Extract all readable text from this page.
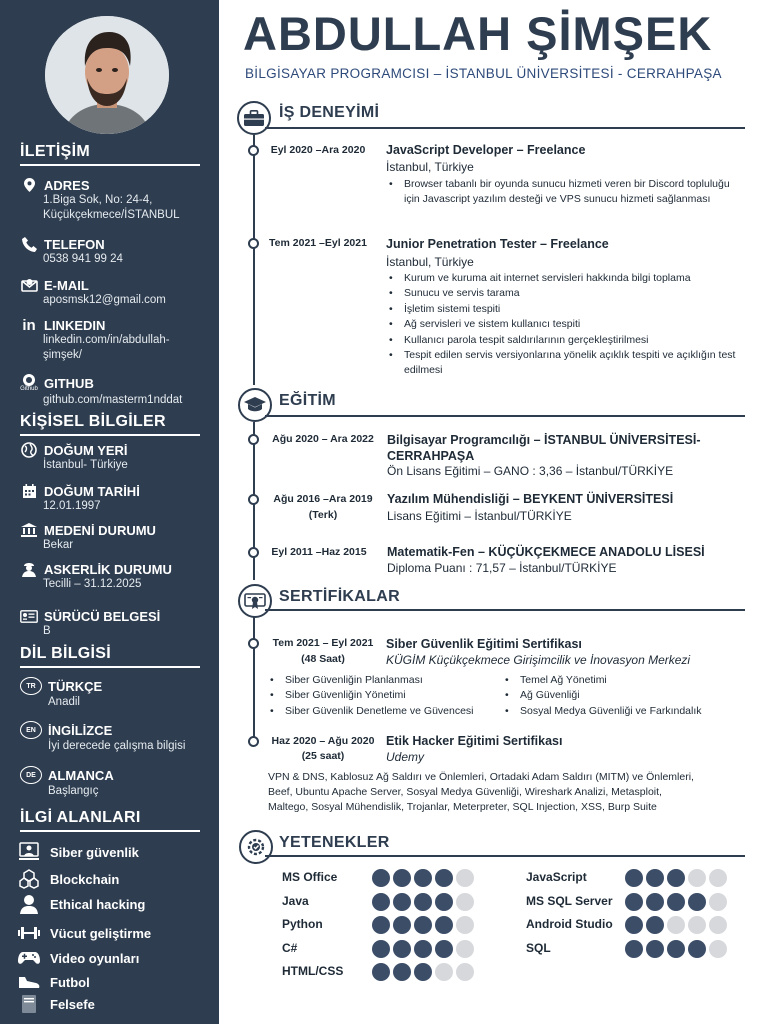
İLETİŞİM
ADRES
1.Biga Sok, No: 24-4,
Küçükçekmece/İSTANBUL
TELEFON
0538 941 99 24
E-MAIL
aposmsk12@gmail.com
in LINKEDIN
linkedin.com/in/abdullah-
şimşek/
Github GITHUB
github.com/masterm1nddat
KİŞİSEL BİLGİLER
DOĞUM YERİ
İstanbul- Türkiye
DOĞUM TARİHİ
12.01.1997
MEDENİ DURUMU
Bekar
ASKERLİK DURUMU
Tecilli – 31.12.2025
SÜRÜCÜ BELGESİ
B
DİL BİLGİSİ
TR TÜRKÇE
Anadil
EN İNGİLİZCE
İyi derecede çalışma bilgisi
DE ALMANCA
Başlangıç
İLGİ ALANLARI
Siber güvenlik
Blockchain
Ethical hacking
Vücut geliştirme
Video oyunları
Futbol
Felsefe
ABDULLAH ŞİMŞEK
BİLGİSAYAR PROGRAMCISI – İSTANBUL ÜNİVERSİTESİ - CERRAHPAŞA
İŞ DENEYİMİ
Eyl 2020 –Ara 2020	JavaScript Developer – Freelance
İstanbul, Türkiye
• Browser tabanlı bir oyunda sunucu hizmeti veren bir Discord topluluğu için Javascript yazılım desteği ve VPS sunucu hizmeti sağlanması
Tem 2021 –Eyl 2021	Junior Penetration Tester – Freelance
İstanbul, Türkiye
• Kurum ve kuruma ait internet servisleri hakkında bilgi toplama
• Sunucu ve servis tarama
• İşletim sistemi tespiti
• Ağ servisleri ve sistem kullanıcı tespiti
• Kullanıcı parola tespit saldırılarının gerçekleştirilmesi
• Tespit edilen servis versiyonlarına yönelik açıklık tespiti ve açıklığın test edilmesi
EĞİTİM
Ağu 2020 – Ara 2022	Bilgisayar Programcılığı – İSTANBUL ÜNİVERSİTESİ-CERRAHPAŞA
Ön Lisans Eğitimi – GANO : 3,36 – İstanbul/TÜRKİYE
Ağu 2016 –Ara 2019
(Terk)
Yazılım Mühendisliği – BEYKENT ÜNİVERSİTESİ
Lisans Eğitimi – İstanbul/TÜRKİYE
Eyl 2011 –Haz 2015	Matematik-Fen – KÜÇÜKÇEKMECE ANADOLU LİSESİ
Diploma Puanı : 71,57 – İstanbul/TÜRKİYE
SERTİFİKALAR
Tem 2021 – Eyl 2021
(48 Saat)
Siber Güvenlik Eğitimi Sertifikası
KÜGİM Küçükçekmece Girişimcilik ve İnovasyon Merkezi
• Siber Güvenliğin Planlanması
• Siber Güvenliğin Yönetimi
• Siber Güvenlik Denetleme ve Güvencesi
• Temel Ağ Yönetimi
• Ağ Güvenliği
• Sosyal Medya Güvenliği ve Farkındalık
Haz 2020 – Ağu 2020
(25 saat)
Etik Hacker Eğitimi Sertifikası
Udemy
VPN & DNS, Kablosuz Ağ Saldırı ve Önlemleri, Ortadaki Adam Saldırı (MITM) ve Önlemleri,
Beef, Ubuntu Apache Server, Sosyal Medya Güvenliği, Wireshark Analizi, Metasploit,
Maltego, Sosyal Mühendislik, Trojanlar, Meterpreter, SQL Injection, XSS, Burp Suite
YETENEKLER
MS Office	JavaScript
Java	MS SQL Server
Python	Android Studio
C#	SQL
HTML/CSS
